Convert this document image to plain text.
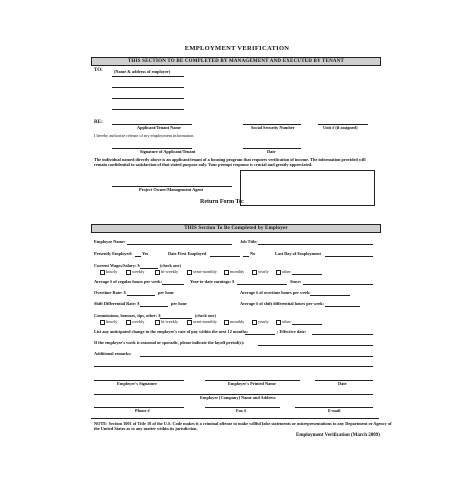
EMPLOYMENT VERIFICATION
THIS SECTION TO BE COMPLETED BY MANAGEMENT AND EXECUTED BY TENANT
TO:	(Name & address of employer)
RE:
Applicant/Tenant Name	Social Security Number	Unit # (if assigned)
I hereby authorize release of my employment information.
Signature of Applicant/Tenant	Date
The individual named directly above is an applicant/tenant of a housing program that requires verification of income. The information provided will
remain confidential to satisfaction of that stated purpose only. Your prompt response is crucial and greatly appreciated.
Project Owner/Management Agent
Return Form To:
THIS Section To Be Completed by Employer
Employee Name:	Job Title:
Presently Employed: Yes	Date First Employed	No	Last Day of Employment
Current Wages/Salary: $	(check one)
hourly	weekly	bi-weekly	semi-monthly	monthly	yearly	other
Average # of regular hours per week:	Year-to-date earnings: $	Since:
Overtime Rate: $	per hour	Average # of overtime hours per week:
Shift Differential Rate: $	per hour	Average # of shift differential hours per week:
Commissions, bonuses, tips, other: $	(check one)
hourly	weekly	bi-weekly	semi-monthly	monthly	yearly	other
List any anticipated change in the employee's rate of pay within the next 12 months:	; Effective date:
If the employee's work is seasonal or sporadic, please indicate the layoff period(s):
Additional remarks:
Employer's Signature	Employer's Printed Name	Date
Employer [Company] Name and Address
Phone #	Fax #	E-mail
NOTE: Section 1001 of Title 18 of the U.S. Code makes it a criminal offense to make willful false statements or misrepresentations to any Department or Agency of
the United States as to any matter within its jurisdiction.
Employment Verification (March 2009)
